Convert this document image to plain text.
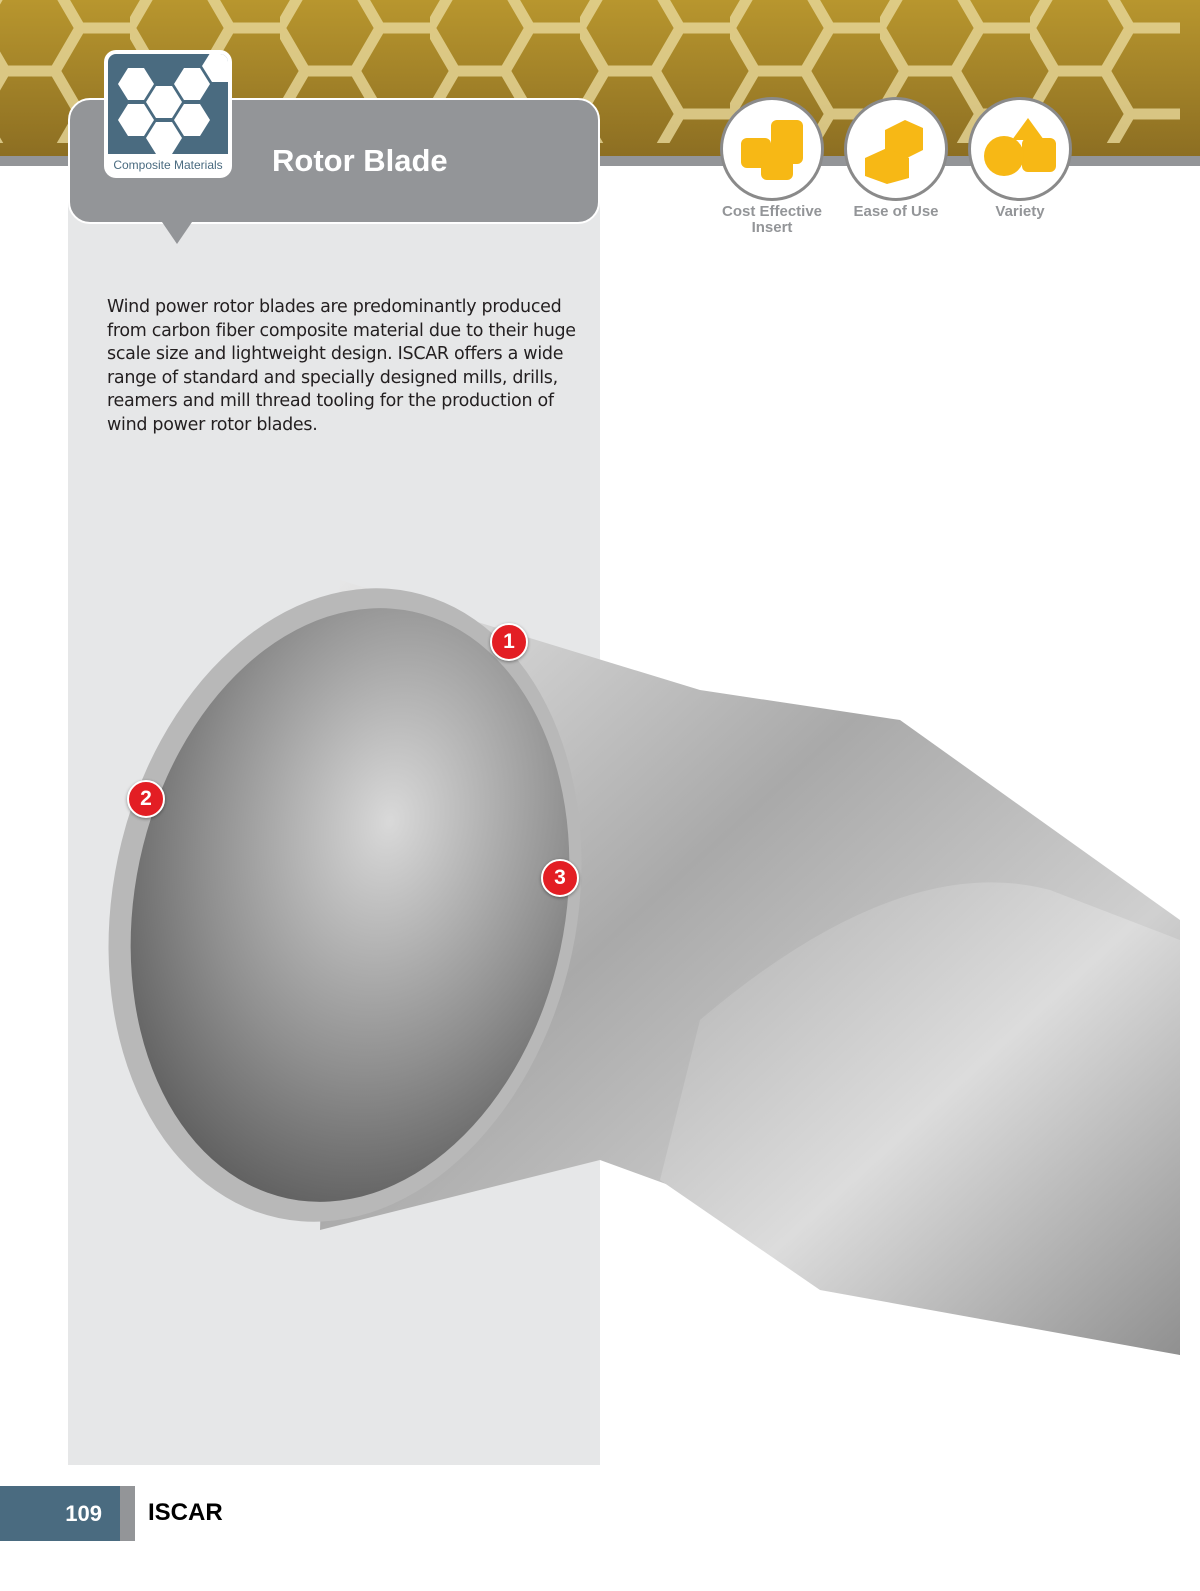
Composite Materials Rotor Blade
Cost Effective Insert
Ease of Use	Variety
Wind power rotor blades are predominantly produced from carbon fiber composite material due to their huge scale size and lightweight design. ISCAR offers a wide range of standard and specially designed mills, drills, reamers and mill thread tooling for the production of wind power rotor blades.
1
2
3
109	ISCAR
